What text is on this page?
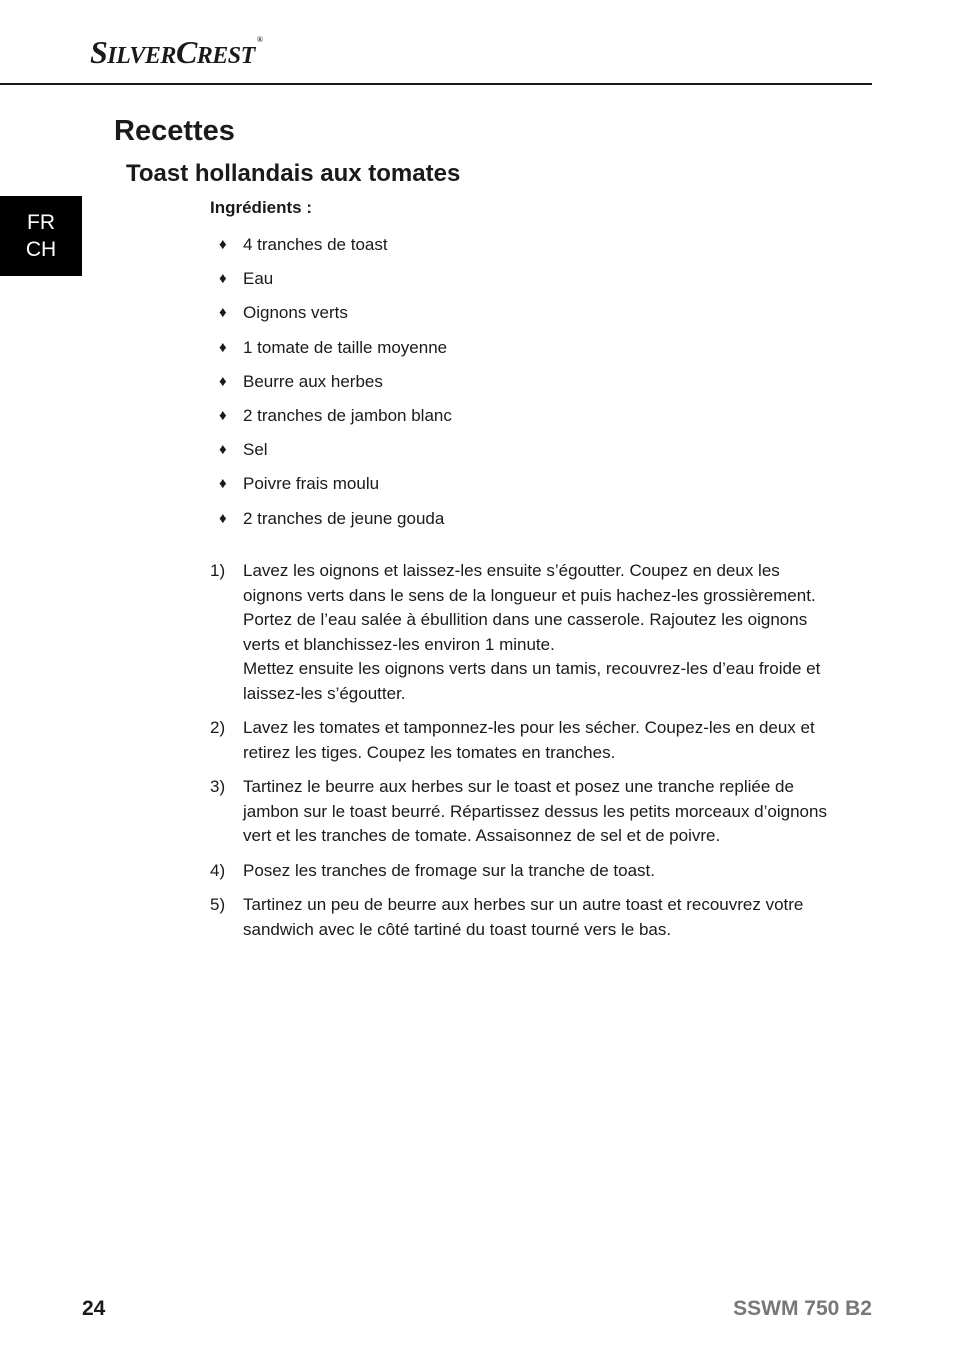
SILVERCREST®
FR
CH
Recettes
Toast hollandais aux tomates
Ingrédients :
♦ 4 tranches de toast
♦ Eau
♦ Oignons verts
♦ 1 tomate de taille moyenne
♦ Beurre aux herbes
♦ 2 tranches de jambon blanc
♦ Sel
♦ Poivre frais moulu
♦ 2 tranches de jeune gouda
1)	Lavez les oignons et laissez-les ensuite s’égoutter. Coupez en deux les oignons verts dans le sens de la longueur et puis hachez-les grossièrement. Portez de l’eau salée à ébullition dans une casserole. Rajoutez les oignons verts et blanchissez-les environ 1 minute.

Mettez ensuite les oignons verts dans un tamis, recouvrez-les d’eau froide et laissez-les s’égoutter.

2)	Lavez les tomates et tamponnez-les pour les sécher. Coupez-les en deux et retirez les tiges. Coupez les tomates en tranches.

3)	Tartinez le beurre aux herbes sur le toast et posez une tranche repliée de jambon sur le toast beurré. Répartissez dessus les petits morceaux d’oignons vert et les tranches de tomate. Assaisonnez de sel et de poivre.

4)	Posez les tranches de fromage sur la tranche de toast.

5)	Tartinez un peu de beurre aux herbes sur un autre toast et recouvrez votre sandwich avec le côté tartiné du toast tourné vers le bas.

24	SSWM 750 B2
